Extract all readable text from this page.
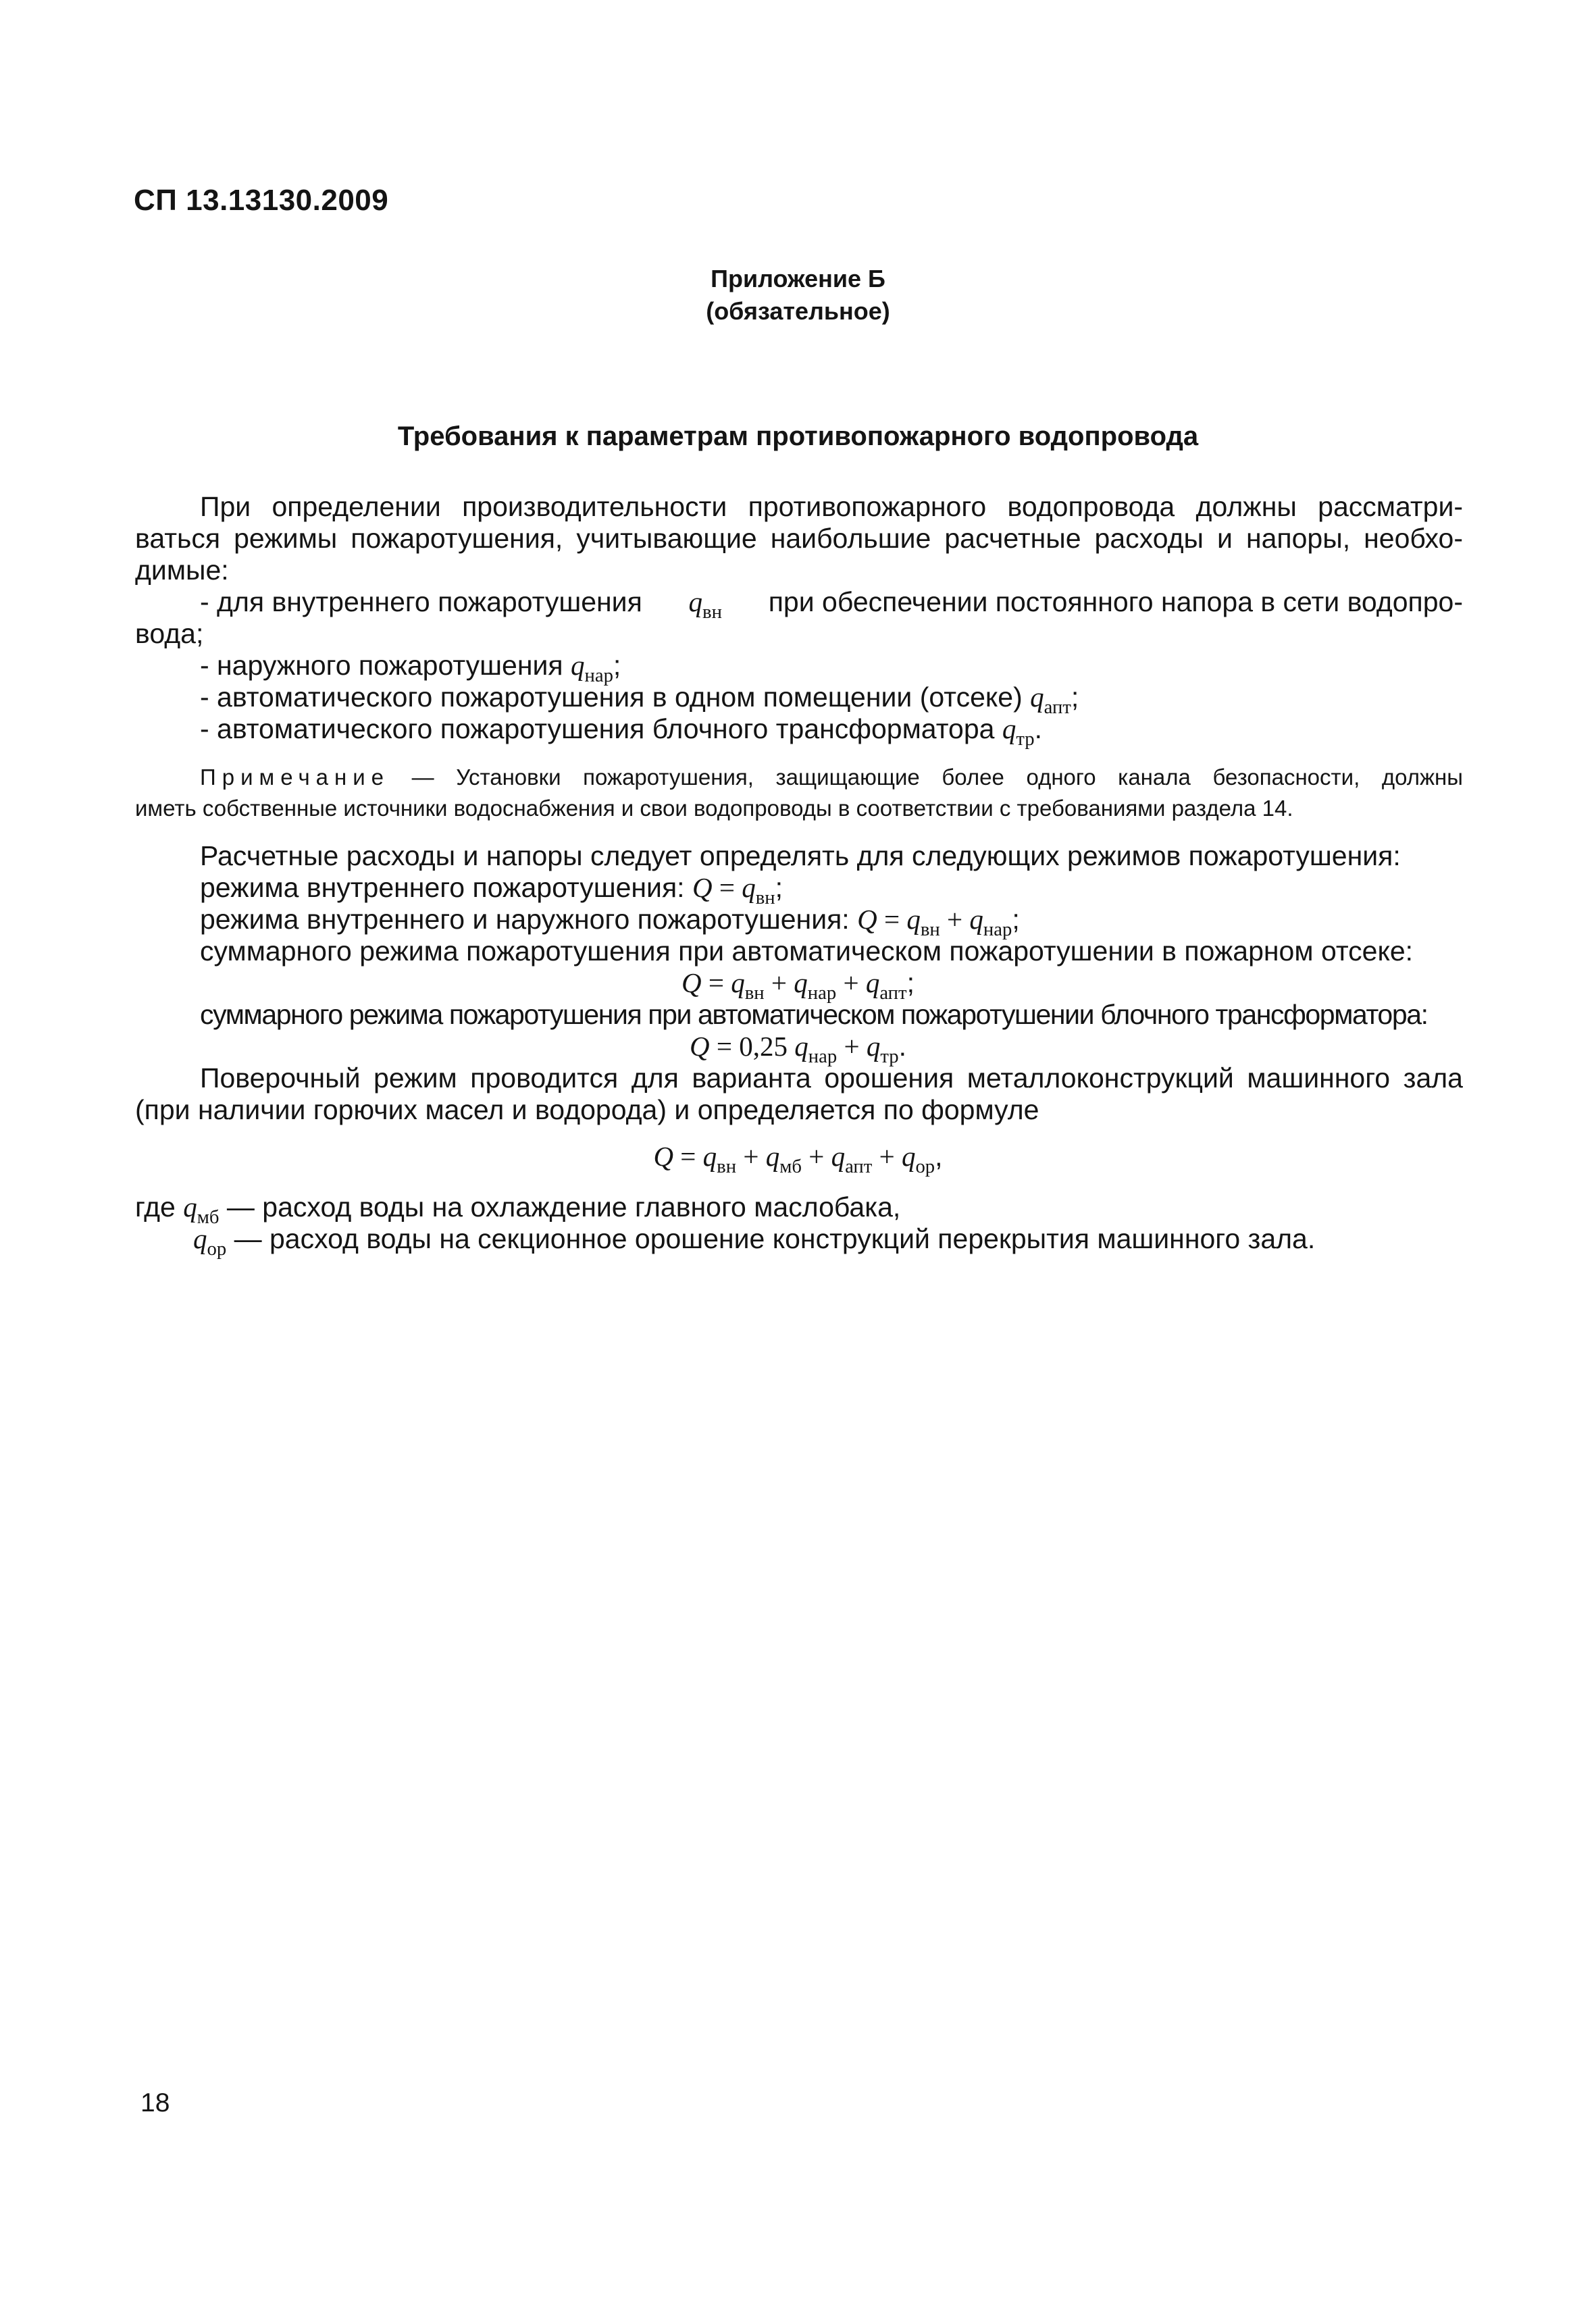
СП 13.13130.2009
Приложение Б
(обязательное)
Требования к параметрам противопожарного водопровода
При определении производительности противопожарного водопровода должны рассматри-
ваться режимы пожаротушения, учитывающие наибольшие расчетные расходы и напоры, необхо-
димые:
- для внутреннего пожаротушения $q_{вн}$ при обеспечении постоянного напора в сети водопро-
вода;
- наружного пожаротушения $q_{нар}$;
- автоматического пожаротушения в одном помещении (отсеке) $q_{апт}$;
- автоматического пожаротушения блочного трансформатора $q_{тр}$.
Примечание — Установки пожаротушения, защищающие более одного канала безопасности, должны
иметь собственные источники водоснабжения и свои водопроводы в соответствии с требованиями раздела 14.
Расчетные расходы и напоры следует определять для следующих режимов пожаротушения:
режима внутреннего пожаротушения: $Q = q_{вн}$;
режима внутреннего и наружного пожаротушения: $Q = q_{вн} + q_{нар}$;
суммарного режима пожаротушения при автоматическом пожаротушении в пожарном отсеке:
$Q = q_{вн} + q_{нар} + q_{апт}$;
суммарного режима пожаротушения при автоматическом пожаротушении блочного трансформатора:
Q = 0,25 $q_{нар} + q_{тр}$.
Поверочный режим проводится для варианта орошения металлоконструкций машинного зала
(при наличии горючих масел и водорода) и определяется по формуле
$Q = q_{вн} + q_{мб} + q_{апт} + q_{ор}$,
где $q_{мб}$ — расход воды на охлаждение главного маслобака,
$q_{ор}$ — расход воды на секционное орошение конструкций перекрытия машинного зала.
18
